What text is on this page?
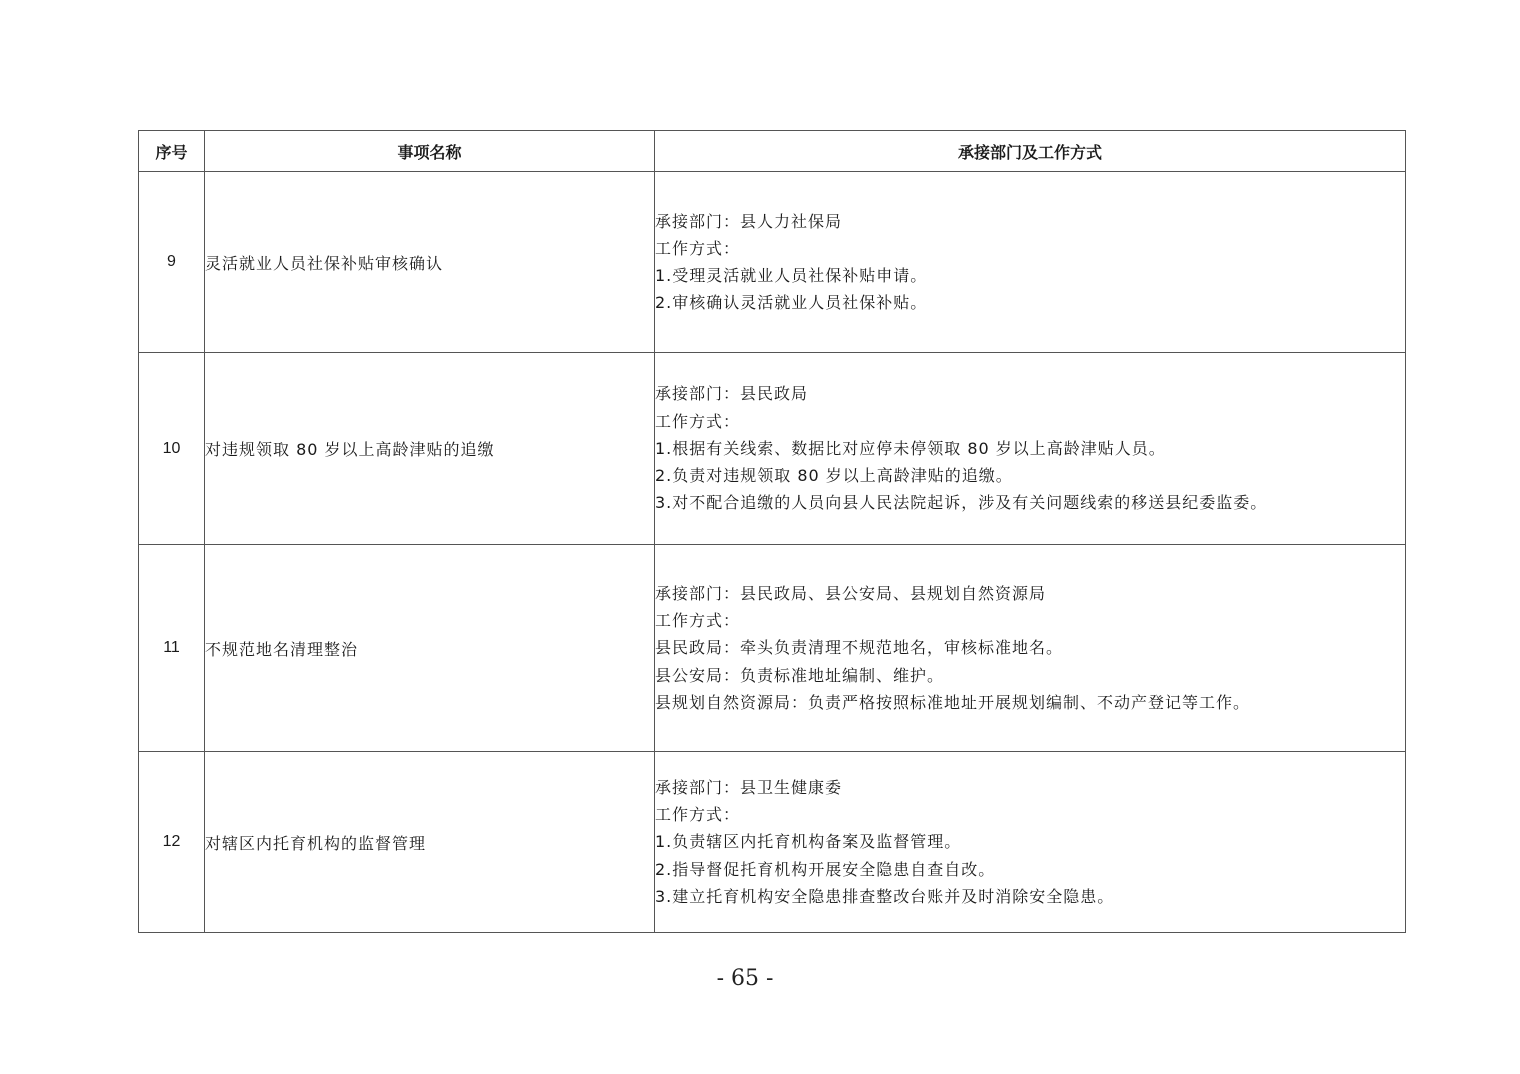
序号	事项名称	承接部门及工作方式
9	灵活就业人员社保补贴审核确认	承接部门：县人力社保局
工作方式：
1.受理灵活就业人员社保补贴申请。
2.审核确认灵活就业人员社保补贴。

10	对违规领取 80 岁以上高龄津贴的追缴	承接部门：县民政局
工作方式：
1.根据有关线索、数据比对应停未停领取 80 岁以上高龄津贴人员。
2.负责对违规领取 80 岁以上高龄津贴的追缴。
3.对不配合追缴的人员向县人民法院起诉，涉及有关问题线索的移送县纪委监委。

11	不规范地名清理整治	承接部门：县民政局、县公安局、县规划自然资源局
工作方式：
县民政局：牵头负责清理不规范地名，审核标准地名。
县公安局：负责标准地址编制、维护。
县规划自然资源局：负责严格按照标准地址开展规划编制、不动产登记等工作。

12	对辖区内托育机构的监督管理	承接部门：县卫生健康委
工作方式：
1.负责辖区内托育机构备案及监督管理。
2.指导督促托育机构开展安全隐患自查自改。
3.建立托育机构安全隐患排查整改台账并及时消除安全隐患。
- 65 -
